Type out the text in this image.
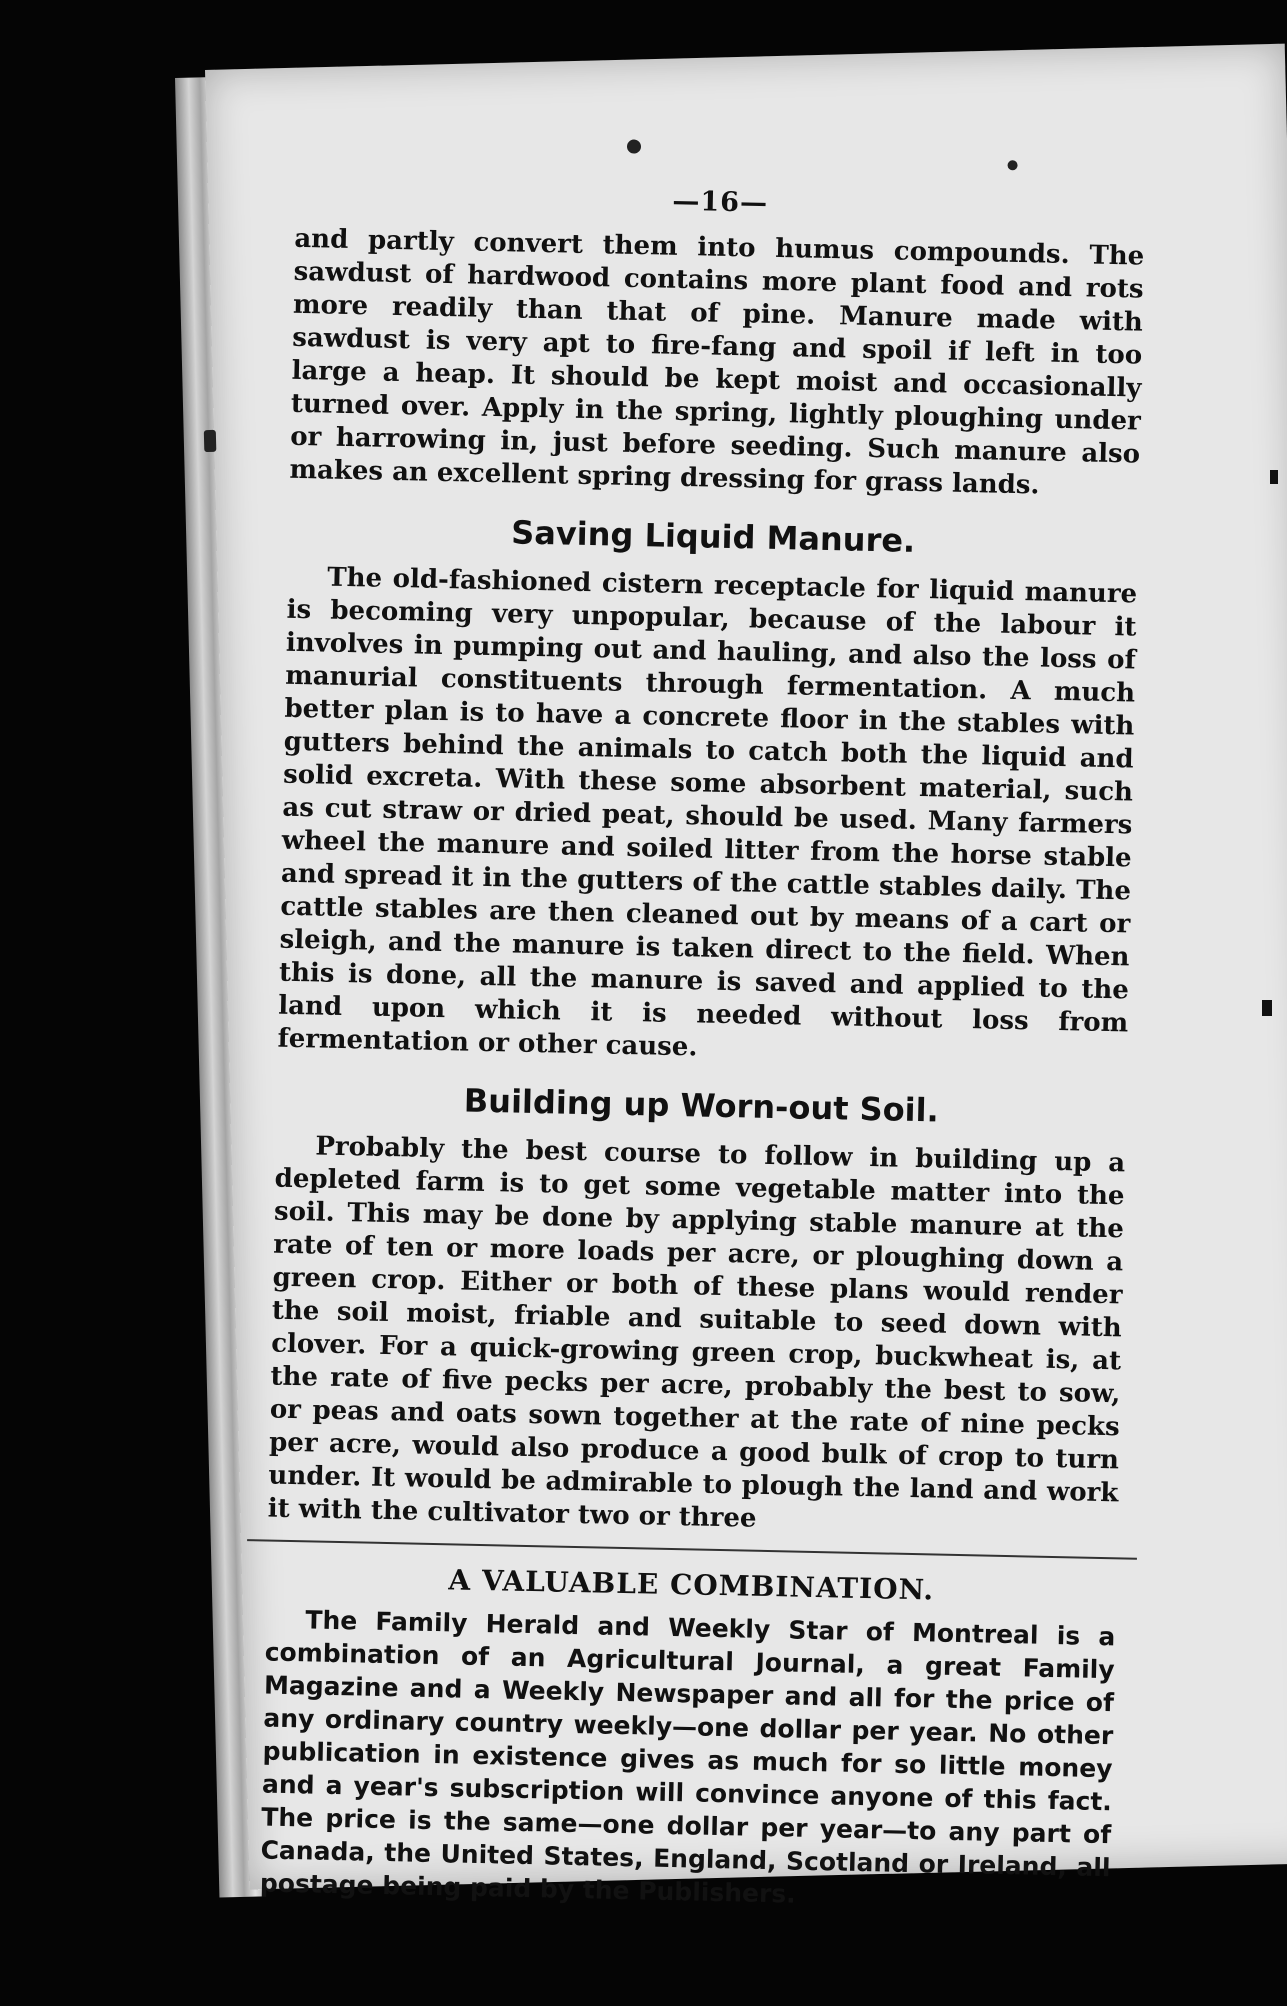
—16—

and partly convert them into humus compounds. The sawdust of hardwood contains more plant food and rots more readily than that of pine. Manure made with sawdust is very apt to fire-fang and spoil if left in too large a heap. It should be kept moist and occasionally turned over. Apply in the spring, lightly ploughing under or harrowing in, just before seeding. Such manure also makes an excellent spring dressing for grass lands.

Saving Liquid Manure.

The old-fashioned cistern receptacle for liquid manure is becoming very unpopular, because of the labour it involves in pumping out and hauling, and also the loss of manurial constituents through fermentation. A much better plan is to have a concrete floor in the stables with gutters behind the animals to catch both the liquid and solid excreta. With these some absorbent material, such as cut straw or dried peat, should be used. Many farmers wheel the manure and soiled litter from the horse stable and spread it in the gutters of the cattle stables daily. The cattle stables are then cleaned out by means of a cart or sleigh, and the manure is taken direct to the field. When this is done, all the manure is saved and applied to the land upon which it is needed without loss from fermentation or other cause.

Building up Worn-out Soil.

Probably the best course to follow in building up a depleted farm is to get some vegetable matter into the soil. This may be done by applying stable manure at the rate of ten or more loads per acre, or ploughing down a green crop. Either or both of these plans would render the soil moist, friable and suitable to seed down with clover. For a quick-growing green crop, buckwheat is, at the rate of five pecks per acre, probably the best to sow, or peas and oats sown together at the rate of nine pecks per acre, would also produce a good bulk of crop to turn under. It would be admirable to plough the land and work it with the cultivator two or three

A VALUABLE COMBINATION.

The Family Herald and Weekly Star of Montreal is a combination of an Agricultural Journal, a great Family Magazine and a Weekly Newspaper and all for the price of any ordinary country weekly—one dollar per year. No other publication in existence gives as much for so little money and a year's subscription will convince anyone of this fact. The price is the same—one dollar per year—to any part of Canada, the United States, England, Scotland or Ireland, all postage being paid by the Publishers.
